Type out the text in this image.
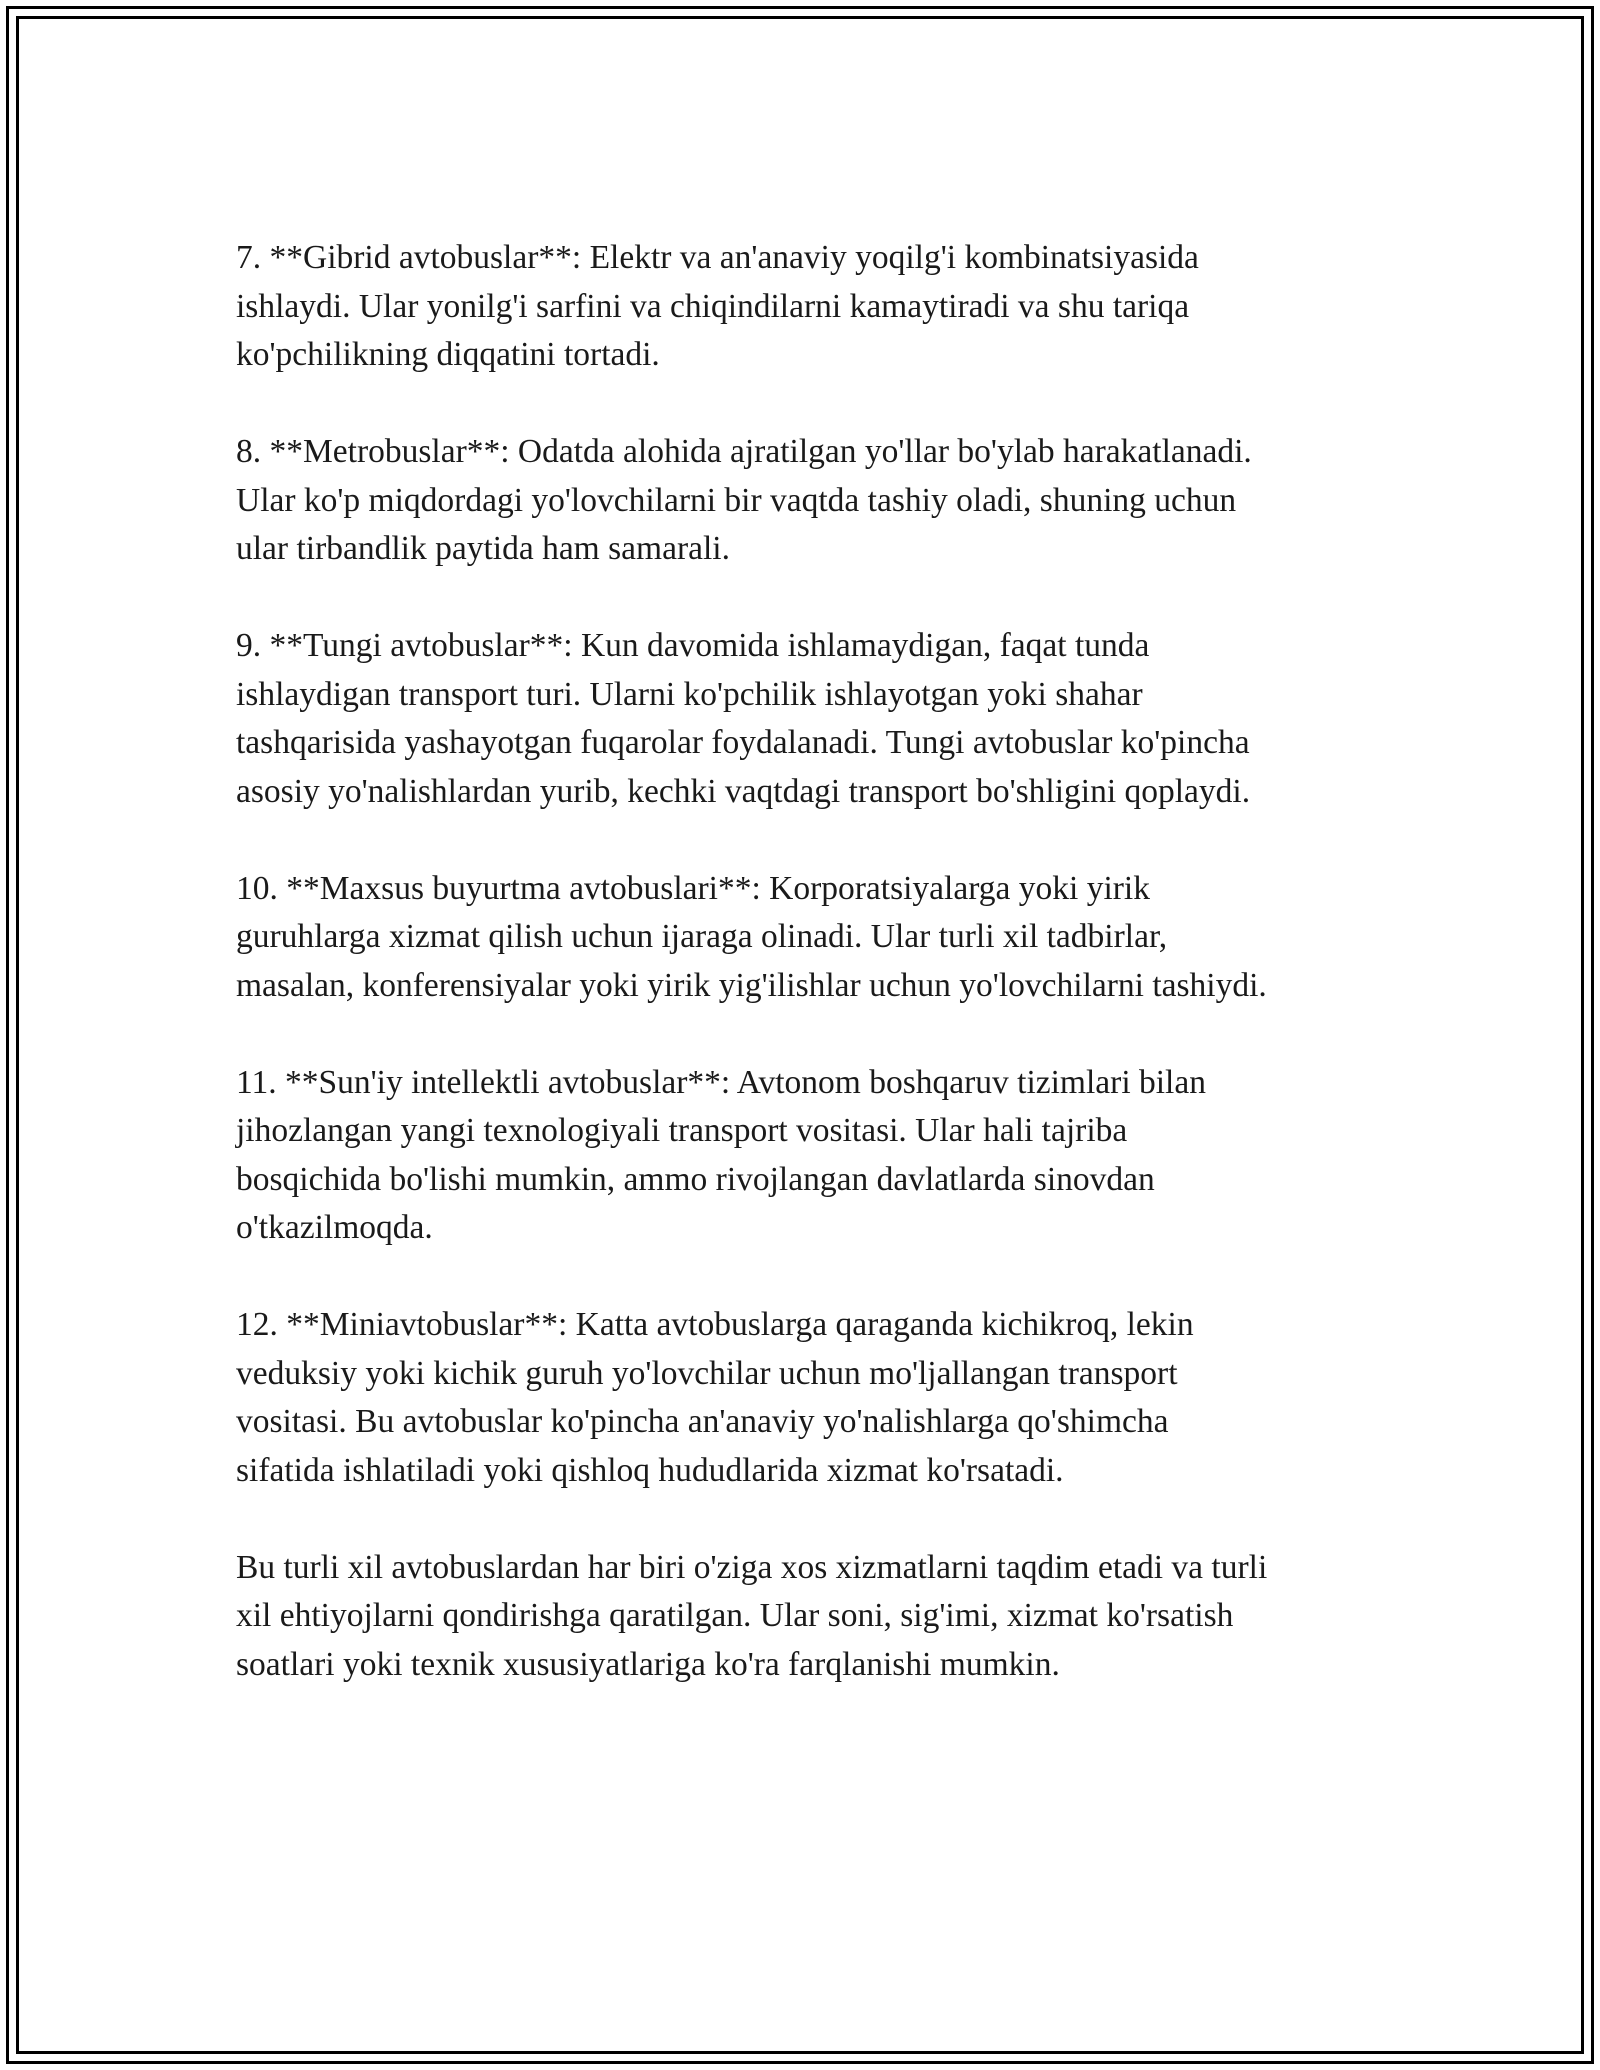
7. **Gibrid avtobuslar**: Elektr va an'anaviy yoqilg'i kombinatsiyasida
ishlaydi. Ular yonilg'i sarfini va chiqindilarni kamaytiradi va shu tariqa
ko'pchilikning diqqatini tortadi.

8. **Metrobuslar**: Odatda alohida ajratilgan yo'llar bo'ylab harakatlanadi.
Ular ko'p miqdordagi yo'lovchilarni bir vaqtda tashiy oladi, shuning uchun
ular tirbandlik paytida ham samarali.

9. **Tungi avtobuslar**: Kun davomida ishlamaydigan, faqat tunda
ishlaydigan transport turi. Ularni ko'pchilik ishlayotgan yoki shahar
tashqarisida yashayotgan fuqarolar foydalanadi. Tungi avtobuslar ko'pincha
asosiy yo'nalishlardan yurib, kechki vaqtdagi transport bo'shligini qoplaydi.

10. **Maxsus buyurtma avtobuslari**: Korporatsiyalarga yoki yirik
guruhlarga xizmat qilish uchun ijaraga olinadi. Ular turli xil tadbirlar,
masalan, konferensiyalar yoki yirik yig'ilishlar uchun yo'lovchilarni tashiydi.

11. **Sun'iy intellektli avtobuslar**: Avtonom boshqaruv tizimlari bilan
jihozlangan yangi texnologiyali transport vositasi. Ular hali tajriba
bosqichida bo'lishi mumkin, ammo rivojlangan davlatlarda sinovdan
o'tkazilmoqda.

12. **Miniavtobuslar**: Katta avtobuslarga qaraganda kichikroq, lekin
veduksiy yoki kichik guruh yo'lovchilar uchun mo'ljallangan transport
vositasi. Bu avtobuslar ko'pincha an'anaviy yo'nalishlarga qo'shimcha
sifatida ishlatiladi yoki qishloq hududlarida xizmat ko'rsatadi.

Bu turli xil avtobuslardan har biri o'ziga xos xizmatlarni taqdim etadi va turli
xil ehtiyojlarni qondirishga qaratilgan. Ular soni, sig'imi, xizmat ko'rsatish
soatlari yoki texnik xususiyatlariga ko'ra farqlanishi mumkin.
